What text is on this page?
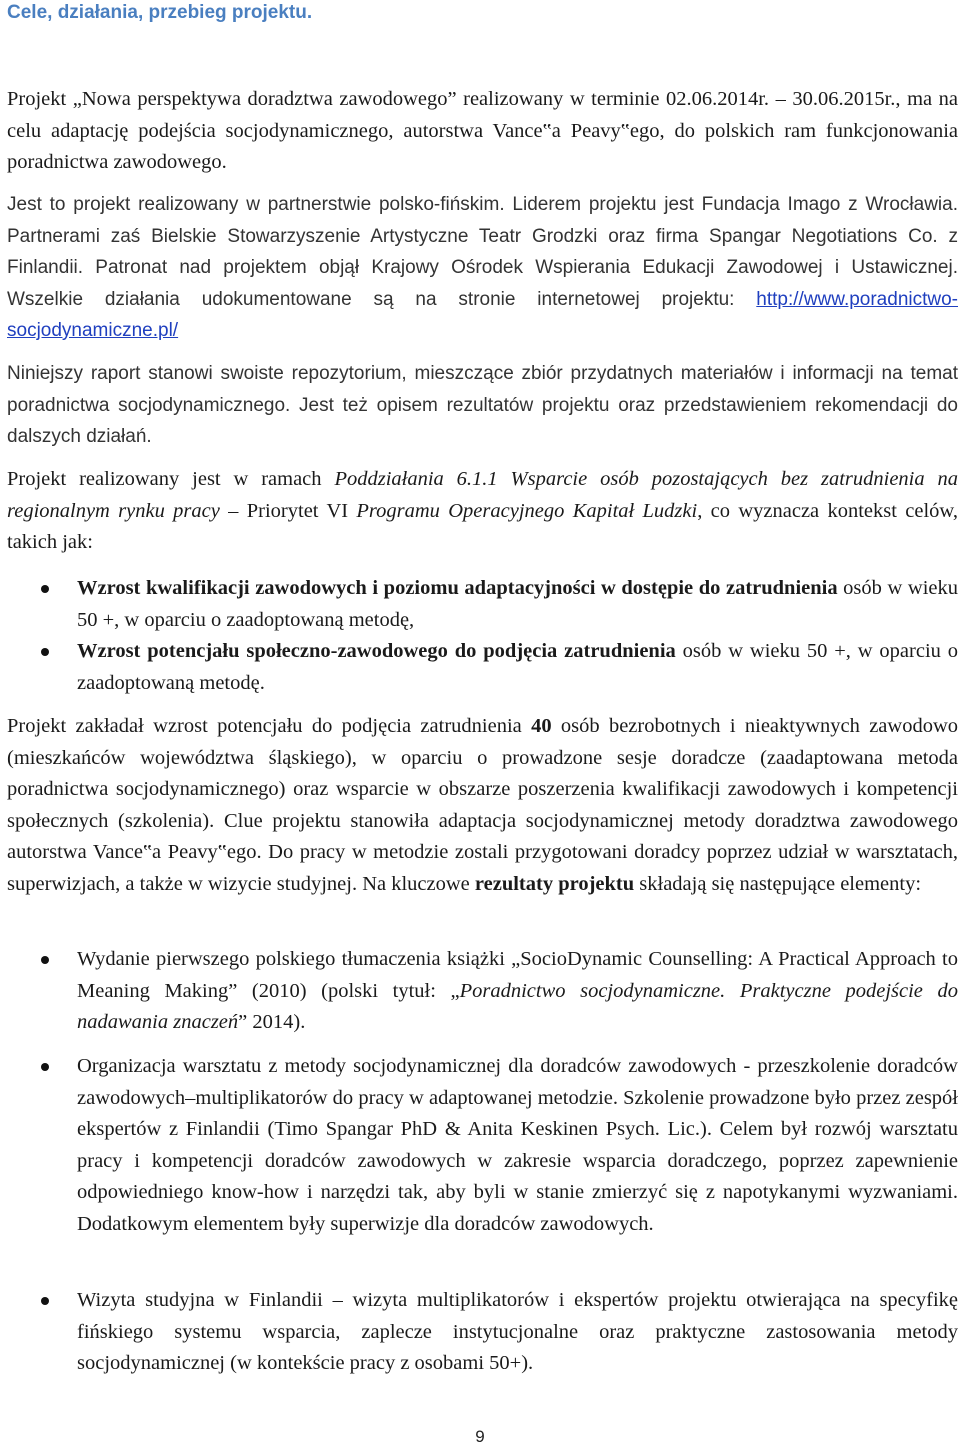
Cele, działania, przebieg projektu.

Projekt „Nowa perspektywa doradztwa zawodowego” realizowany w terminie 02.06.2014r. – 30.06.2015r., ma na celu adaptację podejścia socjodynamicznego, autorstwa Vance‟a Peavy‟ego, do polskich ram funkcjonowania poradnictwa zawodowego.

Jest to projekt realizowany w partnerstwie polsko-fińskim. Liderem projektu jest Fundacja Imago z Wrocławia. Partnerami zaś Bielskie Stowarzyszenie Artystyczne Teatr Grodzki oraz firma Spangar Negotiations Co. z Finlandii. Patronat nad projektem objął Krajowy Ośrodek Wspierania Edukacji Zawodowej i Ustawicznej. Wszelkie działania udokumentowane są na stronie internetowej projektu: http://www.poradnictwo-socjodynamiczne.pl/

Niniejszy raport stanowi swoiste repozytorium, mieszczące zbiór przydatnych materiałów i informacji na temat poradnictwa socjodynamicznego. Jest też opisem rezultatów projektu oraz przedstawieniem rekomendacji do dalszych działań.

Projekt realizowany jest w ramach Poddziałania 6.1.1 Wsparcie osób pozostających bez zatrudnienia na regionalnym rynku pracy – Priorytet VI Programu Operacyjnego Kapitał Ludzki, co wyznacza kontekst celów, takich jak:

Wzrost kwalifikacji zawodowych i poziomu adaptacyjności w dostępie do zatrudnienia osób w wieku 50 +, w oparciu o zaadoptowaną metodę,
Wzrost potencjału społeczno-zawodowego do podjęcia zatrudnienia osób w wieku 50 +, w oparciu o zaadoptowaną metodę.

Projekt zakładał wzrost potencjału do podjęcia zatrudnienia 40 osób bezrobotnych i nieaktywnych zawodowo (mieszkańców województwa śląskiego), w oparciu o prowadzone sesje doradcze (zaadaptowana metoda poradnictwa socjodynamicznego) oraz wsparcie w obszarze poszerzenia kwalifikacji zawodowych i kompetencji społecznych (szkolenia). Clue projektu stanowiła adaptacja socjodynamicznej metody doradztwa zawodowego autorstwa Vance‟a Peavy‟ego. Do pracy w metodzie zostali przygotowani doradcy poprzez udział w warsztatach, superwizjach, a także w wizycie studyjnej. Na kluczowe rezultaty projektu składają się następujące elementy:

Wydanie pierwszego polskiego tłumaczenia książki „SocioDynamic Counselling: A Practical Approach to Meaning Making” (2010) (polski tytuł: „Poradnictwo socjodynamiczne. Praktyczne podejście do nadawania znaczeń” 2014).
Organizacja warsztatu z metody socjodynamicznej dla doradców zawodowych - przeszkolenie doradców zawodowych–multiplikatorów do pracy w adaptowanej metodzie. Szkolenie prowadzone było przez zespół ekspertów z Finlandii (Timo Spangar PhD & Anita Keskinen Psych. Lic.). Celem był rozwój warsztatu pracy i kompetencji doradców zawodowych w zakresie wsparcia doradczego, poprzez zapewnienie odpowiedniego know-how i narzędzi tak, aby byli w stanie zmierzyć się z napotykanymi wyzwaniami. Dodatkowym elementem były superwizje dla doradców zawodowych.
Wizyta studyjna w Finlandii – wizyta multiplikatorów i ekspertów projektu otwierająca na specyfikę fińskiego systemu wsparcia, zaplecze instytucjonalne oraz praktyczne zastosowania metody socjodynamicznej (w kontekście pracy z osobami 50+).
9
